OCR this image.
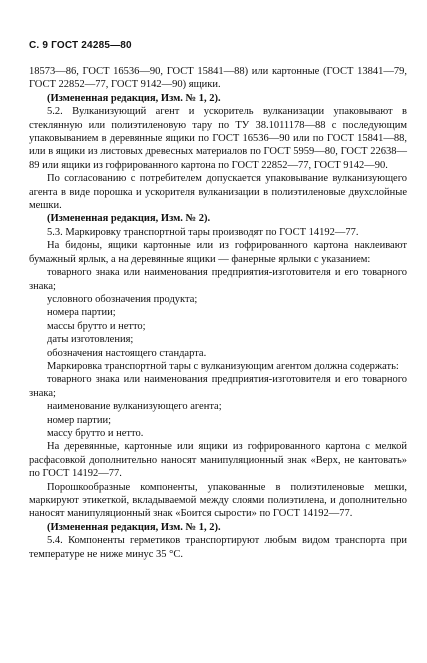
С. 9 ГОСТ 24285—80

18573—86, ГОСТ 16536—90, ГОСТ 15841—88) или картонные (ГОСТ 13841—79, ГОСТ 22852—77, ГОСТ 9142—90) ящики.

(Измененная редакция, Изм. № 1, 2).

5.2. Вулканизующий агент и ускоритель вулканизации упаковывают в стеклянную или полиэтиленовую тару по ТУ 38.1011178—88 с последующим упаковыванием в деревянные ящики по ГОСТ 16536—90 или по ГОСТ 15841—88, или в ящики из листовых древесных материалов по ГОСТ 5959—80, ГОСТ 22638—89 или ящики из гофрированного картона по ГОСТ 22852—77, ГОСТ 9142—90.

По согласованию с потребителем допускается упаковывание вулканизующего агента в виде порошка и ускорителя вулканизации в полиэтиленовые двухслойные мешки.

(Измененная редакция, Изм. № 2).

5.3. Маркировку транспортной тары производят по ГОСТ 14192—77.

На бидоны, ящики картонные или из гофрированного картона наклеивают бумажный ярлык, а на деревянные ящики — фанерные ярлыки с указанием:

товарного знака или наименования предприятия-изготовителя и его товарного знака;

условного обозначения продукта;

номера партии;

массы брутто и нетто;

даты изготовления;

обозначения настоящего стандарта.

Маркировка транспортной тары с вулканизующим агентом должна содержать:

товарного знака или наименования предприятия-изготовителя и его товарного знака;

наименование вулканизующего агента;

номер партии;

массу брутто и нетто.

На деревянные, картонные или ящики из гофрированного картона с мелкой расфасовкой дополнительно наносят манипуляционный знак «Верх, не кантовать» по ГОСТ 14192—77.

Порошкообразные компоненты, упакованные в полиэтиленовые мешки, маркируют этикеткой, вкладываемой между слоями полиэтилена, и дополнительно наносят манипуляционный знак «Боится сырости» по ГОСТ 14192—77.

(Измененная редакция, Изм. № 1, 2).

5.4. Компоненты герметиков транспортируют любым видом транспорта при температуре не ниже минус 35 °С.
